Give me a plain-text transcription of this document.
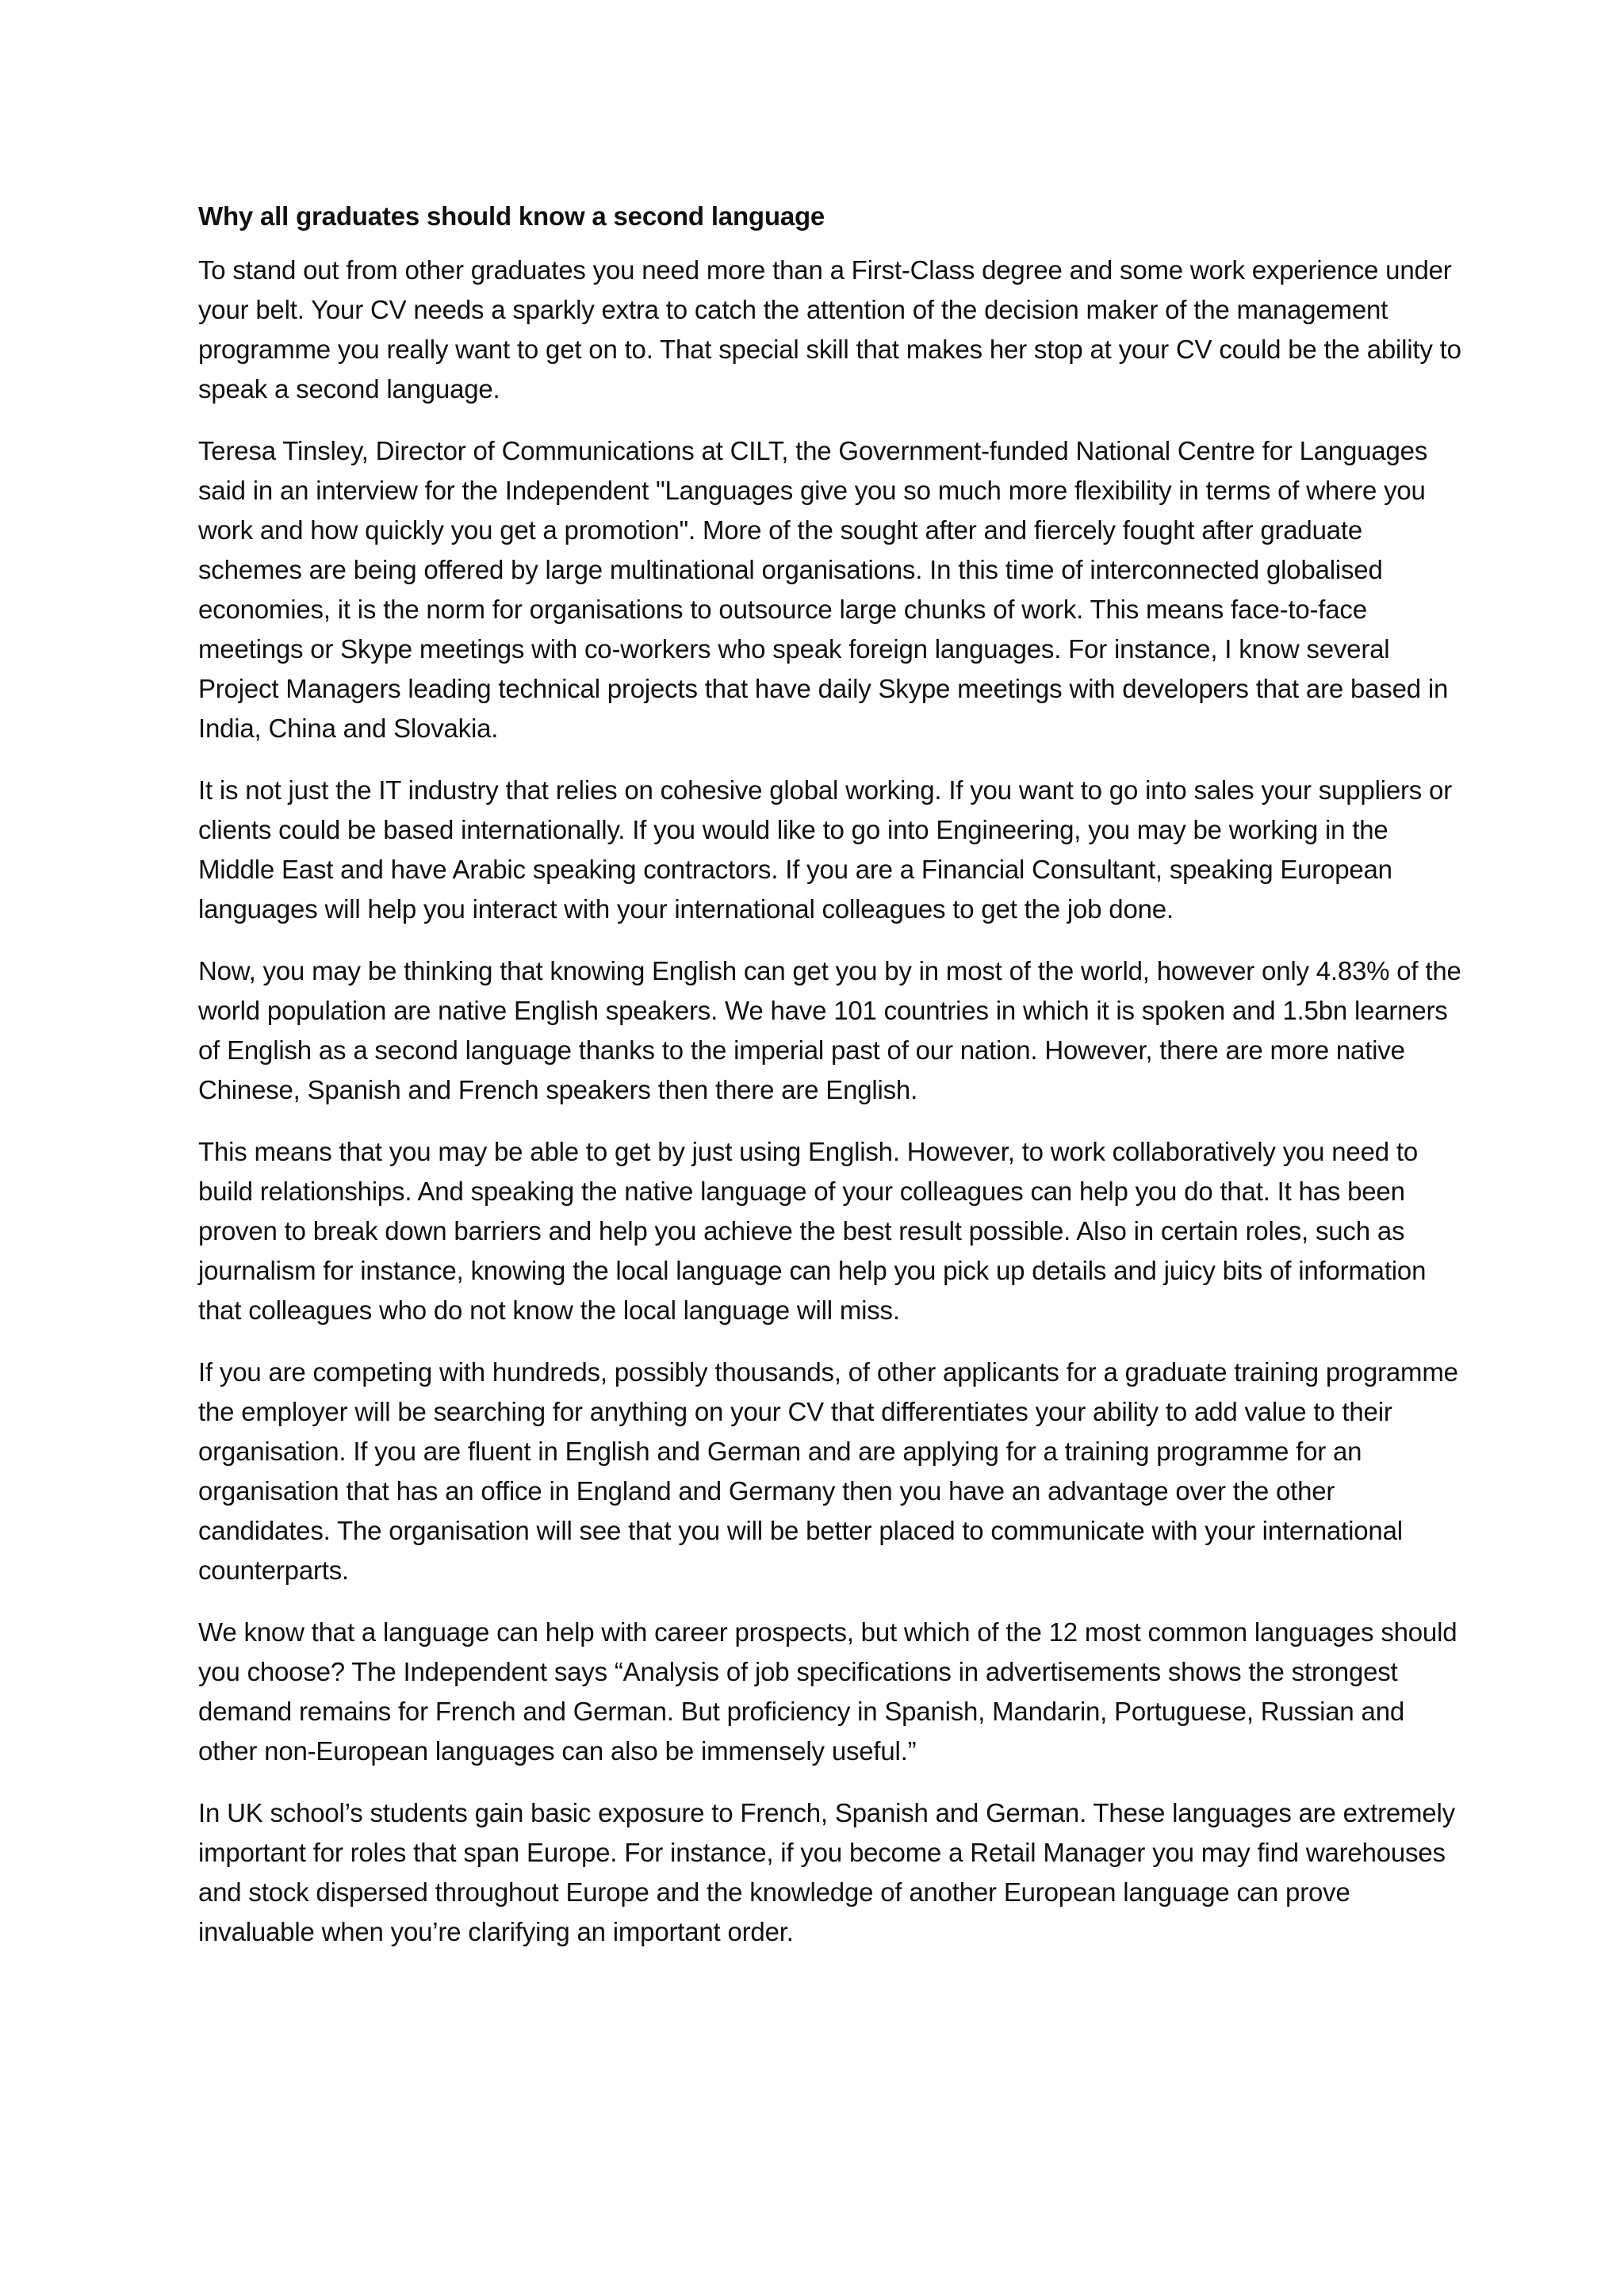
Why all graduates should know a second language

To stand out from other graduates you need more than a First-Class degree and some work experience under your belt. Your CV needs a sparkly extra to catch the attention of the decision maker of the management programme you really want to get on to. That special skill that makes her stop at your CV could be the ability to speak a second language.

Teresa Tinsley, Director of Communications at CILT, the Government-funded National Centre for Languages said in an interview for the Independent "Languages give you so much more flexibility in terms of where you work and how quickly you get a promotion". More of the sought after and fiercely fought after graduate schemes are being offered by large multinational organisations. In this time of interconnected globalised economies, it is the norm for organisations to outsource large chunks of work. This means face-to-face meetings or Skype meetings with co-workers who speak foreign languages. For instance, I know several Project Managers leading technical projects that have daily Skype meetings with developers that are based in India, China and Slovakia.

It is not just the IT industry that relies on cohesive global working. If you want to go into sales your suppliers or clients could be based internationally. If you would like to go into Engineering, you may be working in the Middle East and have Arabic speaking contractors. If you are a Financial Consultant, speaking European languages will help you interact with your international colleagues to get the job done.

Now, you may be thinking that knowing English can get you by in most of the world, however only 4.83% of the world population are native English speakers. We have 101 countries in which it is spoken and 1.5bn learners of English as a second language thanks to the imperial past of our nation. However, there are more native Chinese, Spanish and French speakers then there are English.

This means that you may be able to get by just using English. However, to work collaboratively you need to build relationships. And speaking the native language of your colleagues can help you do that. It has been proven to break down barriers and help you achieve the best result possible. Also in certain roles, such as journalism for instance, knowing the local language can help you pick up details and juicy bits of information that colleagues who do not know the local language will miss.

If you are competing with hundreds, possibly thousands, of other applicants for a graduate training programme the employer will be searching for anything on your CV that differentiates your ability to add value to their organisation. If you are fluent in English and German and are applying for a training programme for an organisation that has an office in England and Germany then you have an advantage over the other candidates. The organisation will see that you will be better placed to communicate with your international counterparts.

We know that a language can help with career prospects, but which of the 12 most common languages should you choose? The Independent says “Analysis of job specifications in advertisements shows the strongest demand remains for French and German. But proficiency in Spanish, Mandarin, Portuguese, Russian and other non-European languages can also be immensely useful.”

In UK school’s students gain basic exposure to French, Spanish and German. These languages are extremely important for roles that span Europe. For instance, if you become a Retail Manager you may find warehouses and stock dispersed throughout Europe and the knowledge of another European language can prove invaluable when you’re clarifying an important order.
